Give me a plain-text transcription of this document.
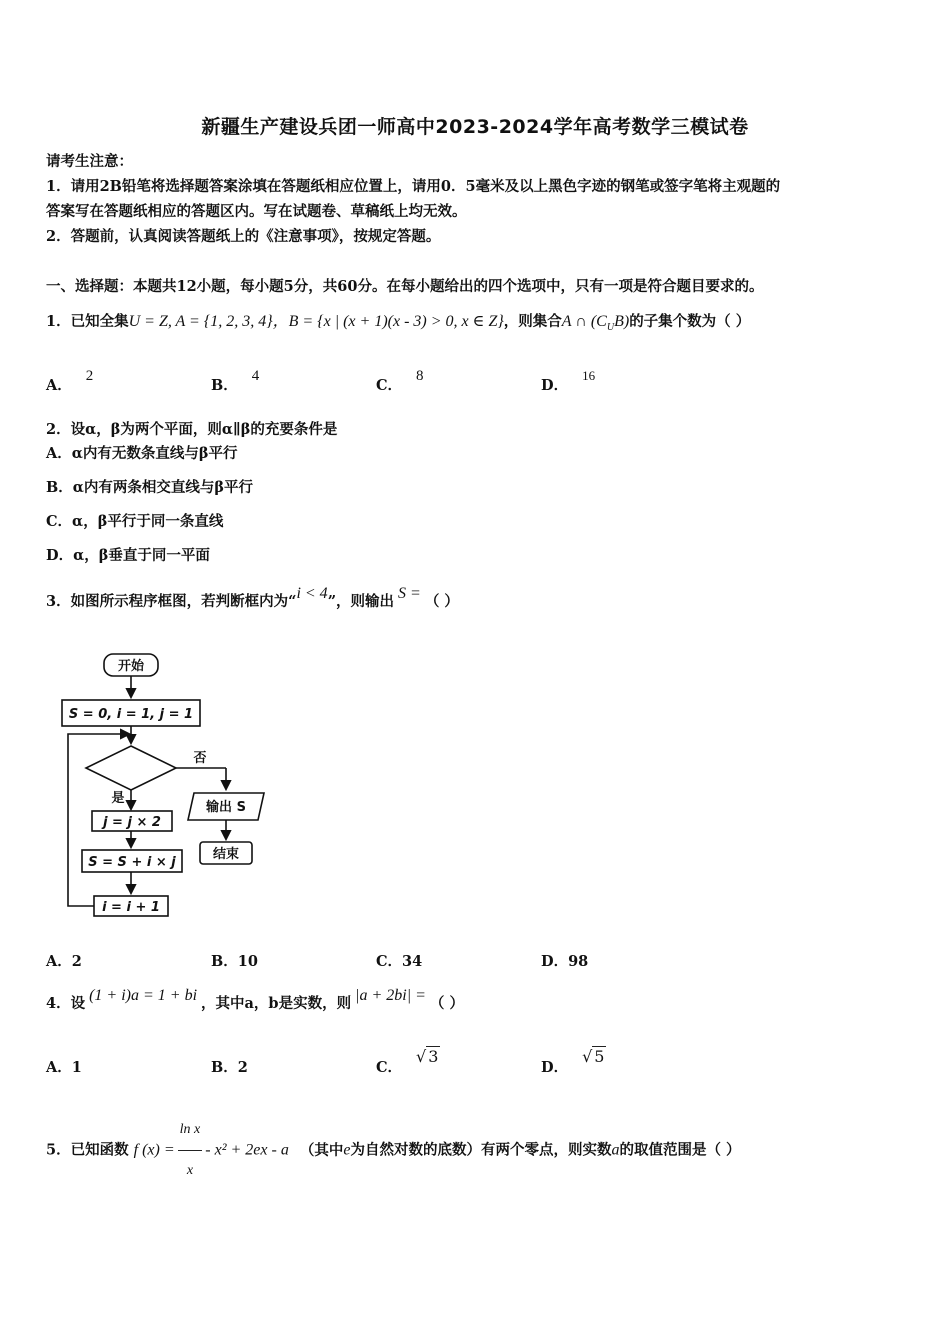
新疆生产建设兵团一师高中2023-2024学年高考数学三模试卷
请考生注意：
1．请用2B铅笔将选择题答案涂填在答题纸相应位置上，请用0．5毫米及以上黑色字迹的钢笔或签字笔将主观题的
答案写在答题纸相应的答题区内。写在试题卷、草稿纸上均无效。
2．答题前，认真阅读答题纸上的《注意事项》，按规定答题。
一、选择题：本题共12小题，每小题5分，共60分。在每小题给出的四个选项中，只有一项是符合题目要求的。
1．已知全集U = Z, A = {1, 2, 3, 4}，B = {x | (x + 1)(x - 3) > 0, x ∈ Z}，则集合A ∩ $(C_UB)$的子集个数为（ ）
A．2
B．4
C．8
D．16
2．设α，β为两个平面，则α∥β的充要条件是
A．α内有无数条直线与β平行
B．α内有两条相交直线与β平行
C．α，β平行于同一条直线
D．α，β垂直于同一平面
3．如图所示程序框图，若判断框内为“i < 4”，则输出 S = （ ）
开始
S = 0, i = 1, j = 1
否
是
j = j × 2
S = S + i × j
i = i + 1
输出 S
结束
A．2	B．10	C．34	D．98
4．设 (1 + i)a = 1 + bi ，其中a，b是实数，则 |a + 2bi| = （ ）
A．1	B．2	C．√ 3
D．√ 5
5．已知函数 f $(x) = \frac{\text{ln x}}{x} - x^2 + 2ex - a$ （其中e为自然对数的底数）有两个零点，则实数a的取值范围是（ ）
